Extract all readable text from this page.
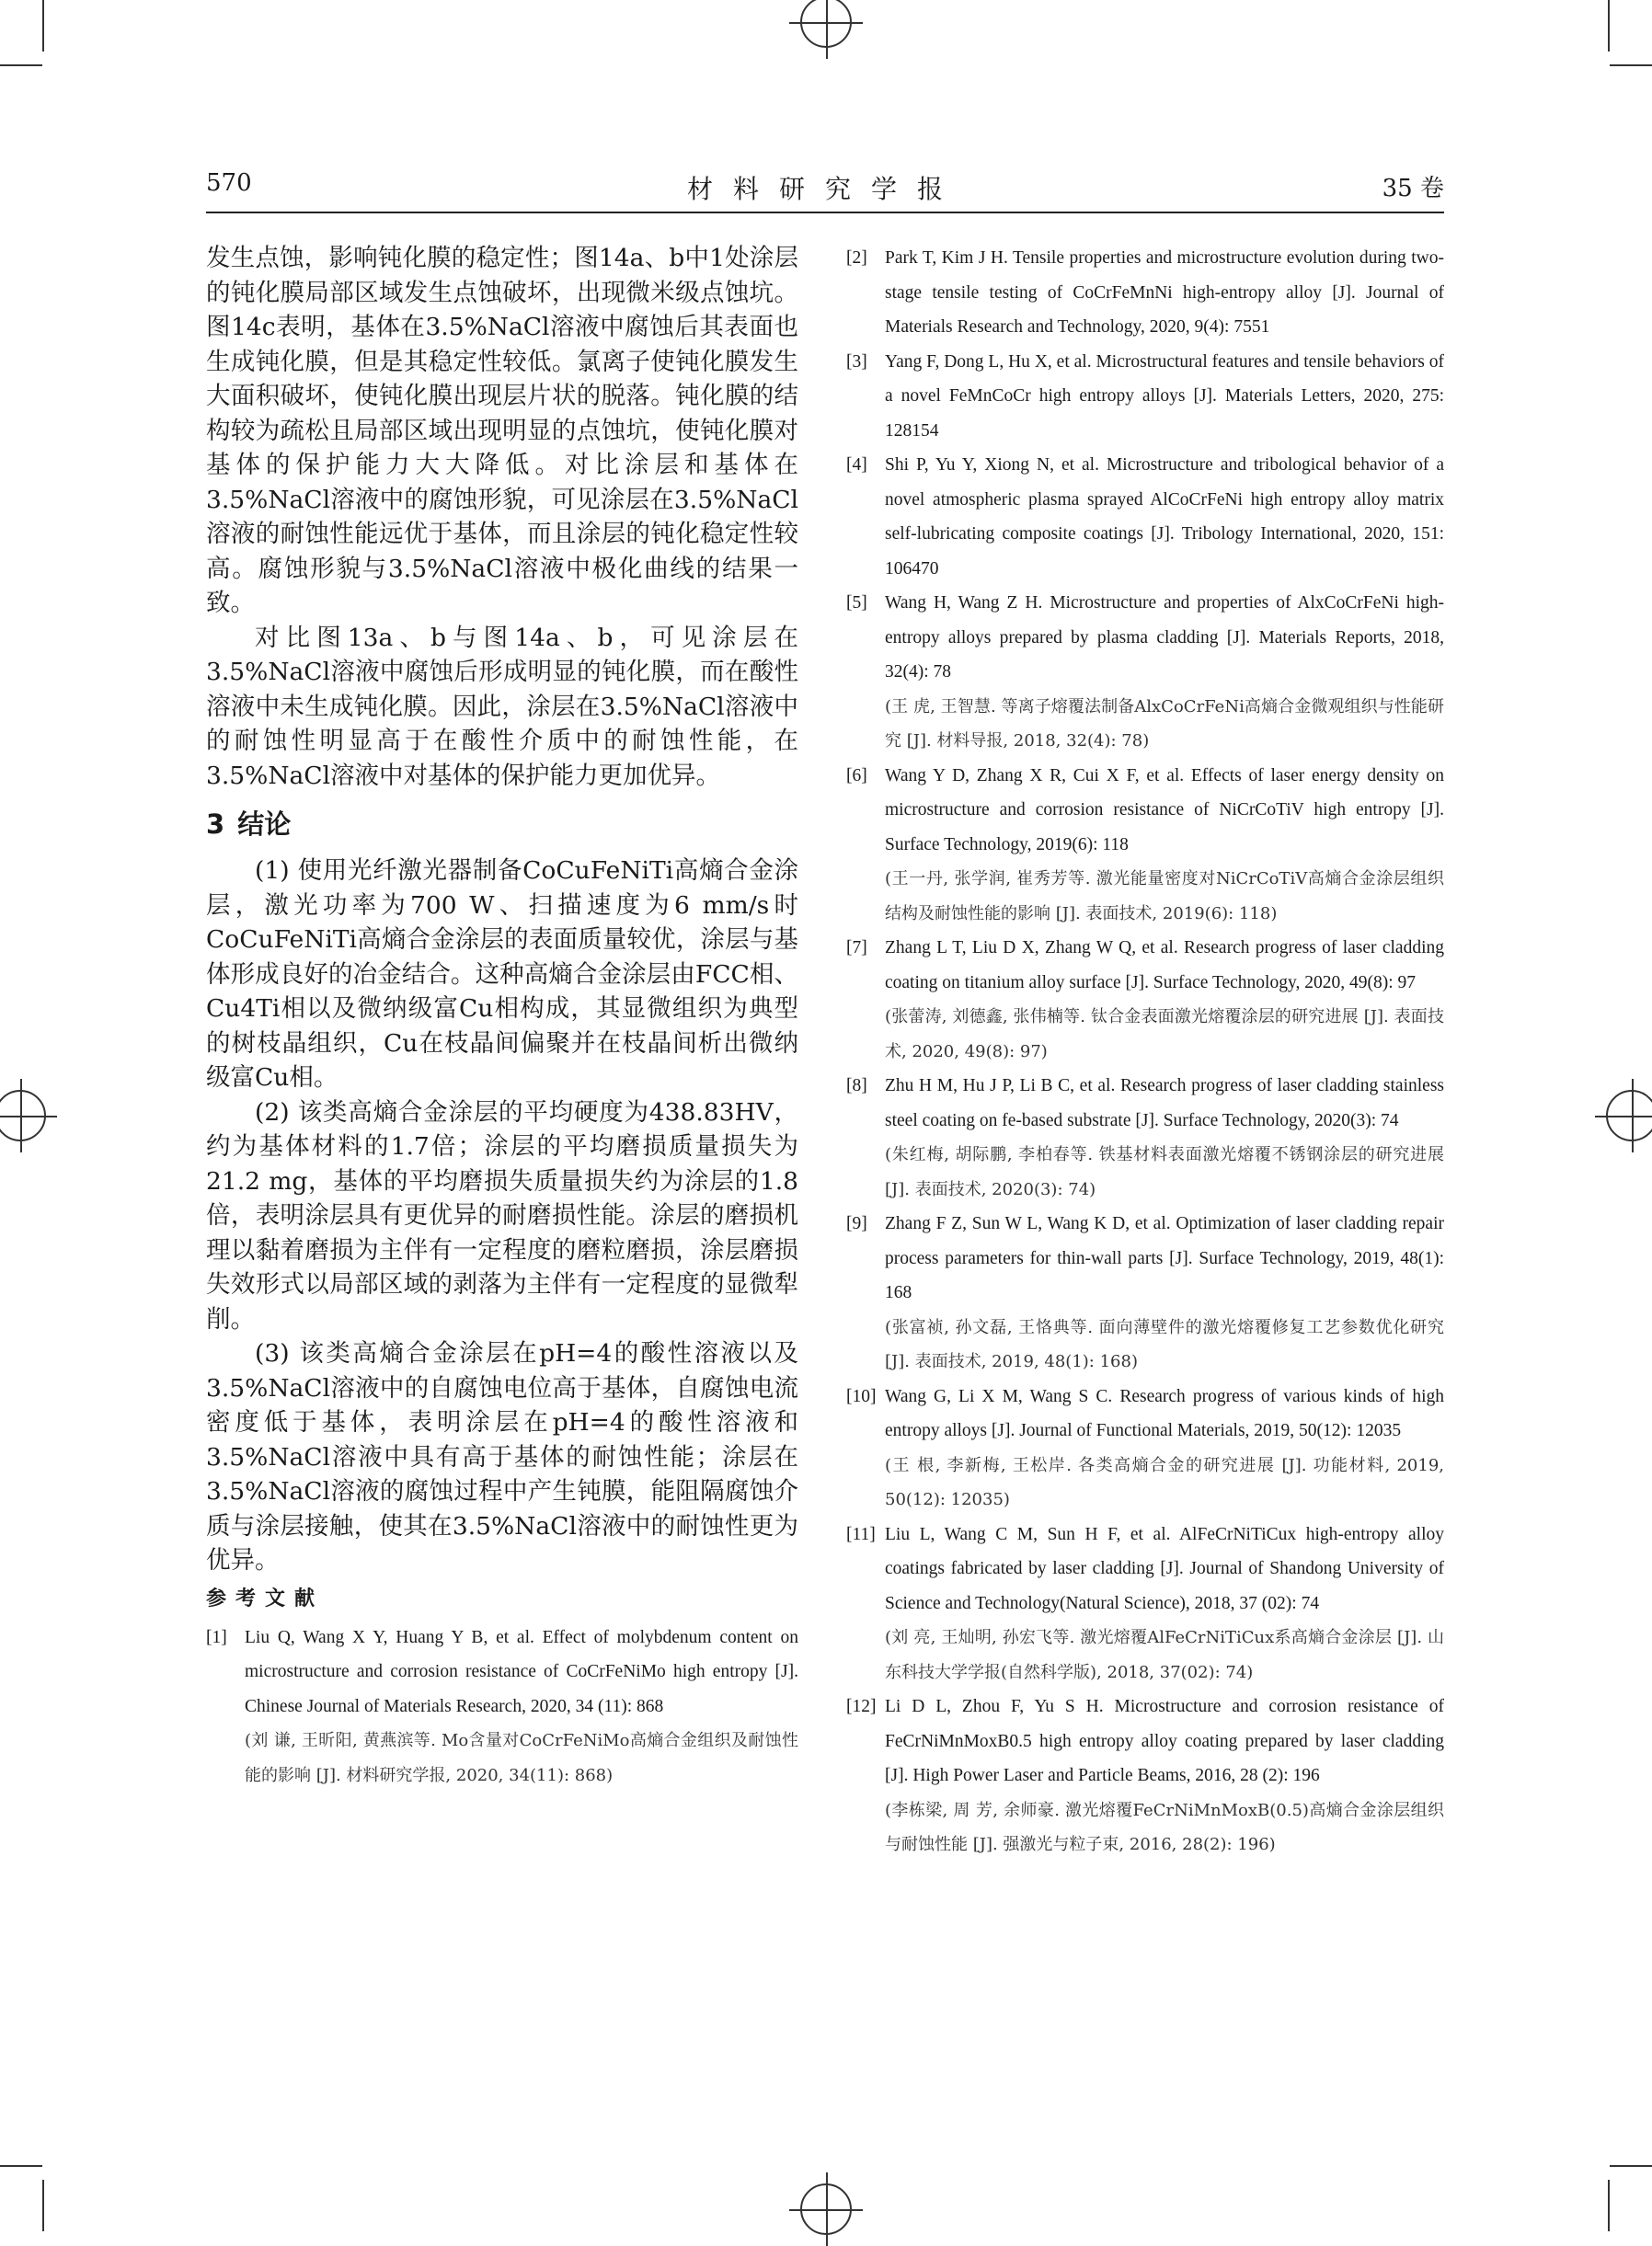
570	材料研究学报	35 卷

发生点蚀，影响钝化膜的稳定性；图14a、b中1处涂层的钝化膜局部区域发生点蚀破坏，出现微米级点蚀坑。图14c表明，基体在3.5%NaCl溶液中腐蚀后其表面也生成钝化膜，但是其稳定性较低。氯离子使钝化膜发生大面积破坏，使钝化膜出现层片状的脱落。钝化膜的结构较为疏松且局部区域出现明显的点蚀坑，使钝化膜对基体的保护能力大大降低。对比涂层和基体在3.5%NaCl溶液中的腐蚀形貌，可见涂层在3.5%NaCl溶液的耐蚀性能远优于基体，而且涂层的钝化稳定性较高。腐蚀形貌与3.5%NaCl溶液中极化曲线的结果一致。

对比图13a、b与图14a、b，可见涂层在3.5%NaCl溶液中腐蚀后形成明显的钝化膜，而在酸性溶液中未生成钝化膜。因此，涂层在3.5%NaCl溶液中的耐蚀性明显高于在酸性介质中的耐蚀性能，在3.5%NaCl溶液中对基体的保护能力更加优异。

3 结论

(1) 使用光纤激光器制备CoCuFeNiTi高熵合金涂层，激光功率为700 W、扫描速度为6 mm/s时CoCuFeNiTi高熵合金涂层的表面质量较优，涂层与基体形成良好的冶金结合。这种高熵合金涂层由FCC相、Cu4Ti相以及微纳级富Cu相构成，其显微组织为典型的树枝晶组织，Cu在枝晶间偏聚并在枝晶间析出微纳级富Cu相。

(2) 该类高熵合金涂层的平均硬度为438.83HV，约为基体材料的1.7倍；涂层的平均磨损质量损失为21.2 mg，基体的平均磨损失质量损失约为涂层的1.8倍，表明涂层具有更优异的耐磨损性能。涂层的磨损机理以黏着磨损为主伴有一定程度的磨粒磨损，涂层磨损失效形式以局部区域的剥落为主伴有一定程度的显微犁削。

(3) 该类高熵合金涂层在pH=4的酸性溶液以及3.5%NaCl溶液中的自腐蚀电位高于基体，自腐蚀电流密度低于基体，表明涂层在pH=4的酸性溶液和3.5%NaCl溶液中具有高于基体的耐蚀性能；涂层在3.5%NaCl溶液的腐蚀过程中产生钝膜，能阻隔腐蚀介质与涂层接触，使其在3.5%NaCl溶液中的耐蚀性更为优异。

参考文献
[1] Liu Q, Wang X Y, Huang Y B, et al. Effect of molybdenum content on microstructure and corrosion resistance of CoCrFeNiMo high entropy [J]. Chinese Journal of Materials Research, 2020, 34 (11): 868
(刘 谦, 王昕阳, 黄燕滨等. Mo含量对CoCrFeNiMo高熵合金组织及耐蚀性能的影响 [J]. 材料研究学报, 2020, 34(11): 868)
[2] Park T, Kim J H. Tensile properties and microstructure evolution during two-stage tensile testing of CoCrFeMnNi high-entropy alloy [J]. Journal of Materials Research and Technology, 2020, 9(4): 7551
[3] Yang F, Dong L, Hu X, et al. Microstructural features and tensile behaviors of a novel FeMnCoCr high entropy alloys [J]. Materials Letters, 2020, 275: 128154
[4] Shi P, Yu Y, Xiong N, et al. Microstructure and tribological behavior of a novel atmospheric plasma sprayed AlCoCrFeNi high entropy alloy matrix self-lubricating composite coatings [J]. Tribology International, 2020, 151: 106470
[5] Wang H, Wang Z H. Microstructure and properties of AlxCoCrFeNi high-entropy alloys prepared by plasma cladding [J]. Materials Reports, 2018, 32(4): 78
(王 虎, 王智慧. 等离子熔覆法制备AlxCoCrFeNi高熵合金微观组织与性能研究 [J]. 材料导报, 2018, 32(4): 78)
[6] Wang Y D, Zhang X R, Cui X F, et al. Effects of laser energy density on microstructure and corrosion resistance of NiCrCoTiV high entropy [J]. Surface Technology, 2019(6): 118
(王一丹, 张学润, 崔秀芳等. 激光能量密度对NiCrCoTiV高熵合金涂层组织结构及耐蚀性能的影响 [J]. 表面技术, 2019(6): 118)
[7] Zhang L T, Liu D X, Zhang W Q, et al. Research progress of laser cladding coating on titanium alloy surface [J]. Surface Technology, 2020, 49(8): 97
(张蕾涛, 刘德鑫, 张伟楠等. 钛合金表面激光熔覆涂层的研究进展 [J]. 表面技术, 2020, 49(8): 97)
[8] Zhu H M, Hu J P, Li B C, et al. Research progress of laser cladding stainless steel coating on fe-based substrate [J]. Surface Technology, 2020(3): 74
(朱红梅, 胡际鹏, 李柏春等. 铁基材料表面激光熔覆不锈钢涂层的研究进展 [J]. 表面技术, 2020(3): 74)
[9] Zhang F Z, Sun W L, Wang K D, et al. Optimization of laser cladding repair process parameters for thin-wall parts [J]. Surface Technology, 2019, 48(1): 168
(张富祯, 孙文磊, 王恪典等. 面向薄壁件的激光熔覆修复工艺参数优化研究 [J]. 表面技术, 2019, 48(1): 168)
[10] Wang G, Li X M, Wang S C. Research progress of various kinds of high entropy alloys [J]. Journal of Functional Materials, 2019, 50(12): 12035
(王 根, 李新梅, 王松岸. 各类高熵合金的研究进展 [J]. 功能材料, 2019, 50(12): 12035)
[11] Liu L, Wang C M, Sun H F, et al. AlFeCrNiTiCux high-entropy alloy coatings fabricated by laser cladding [J]. Journal of Shandong University of Science and Technology(Natural Science), 2018, 37 (02): 74
(刘 亮, 王灿明, 孙宏飞等. 激光熔覆AlFeCrNiTiCux系高熵合金涂层 [J]. 山东科技大学学报(自然科学版), 2018, 37(02): 74)
[12] Li D L, Zhou F, Yu S H. Microstructure and corrosion resistance of FeCrNiMnMoxB0.5 high entropy alloy coating prepared by laser cladding [J]. High Power Laser and Particle Beams, 2016, 28 (2): 196
(李栋梁, 周 芳, 余师豪. 激光熔覆FeCrNiMnMoxB(0.5)高熵合金涂层组织与耐蚀性能 [J]. 强激光与粒子束, 2016, 28(2): 196)
